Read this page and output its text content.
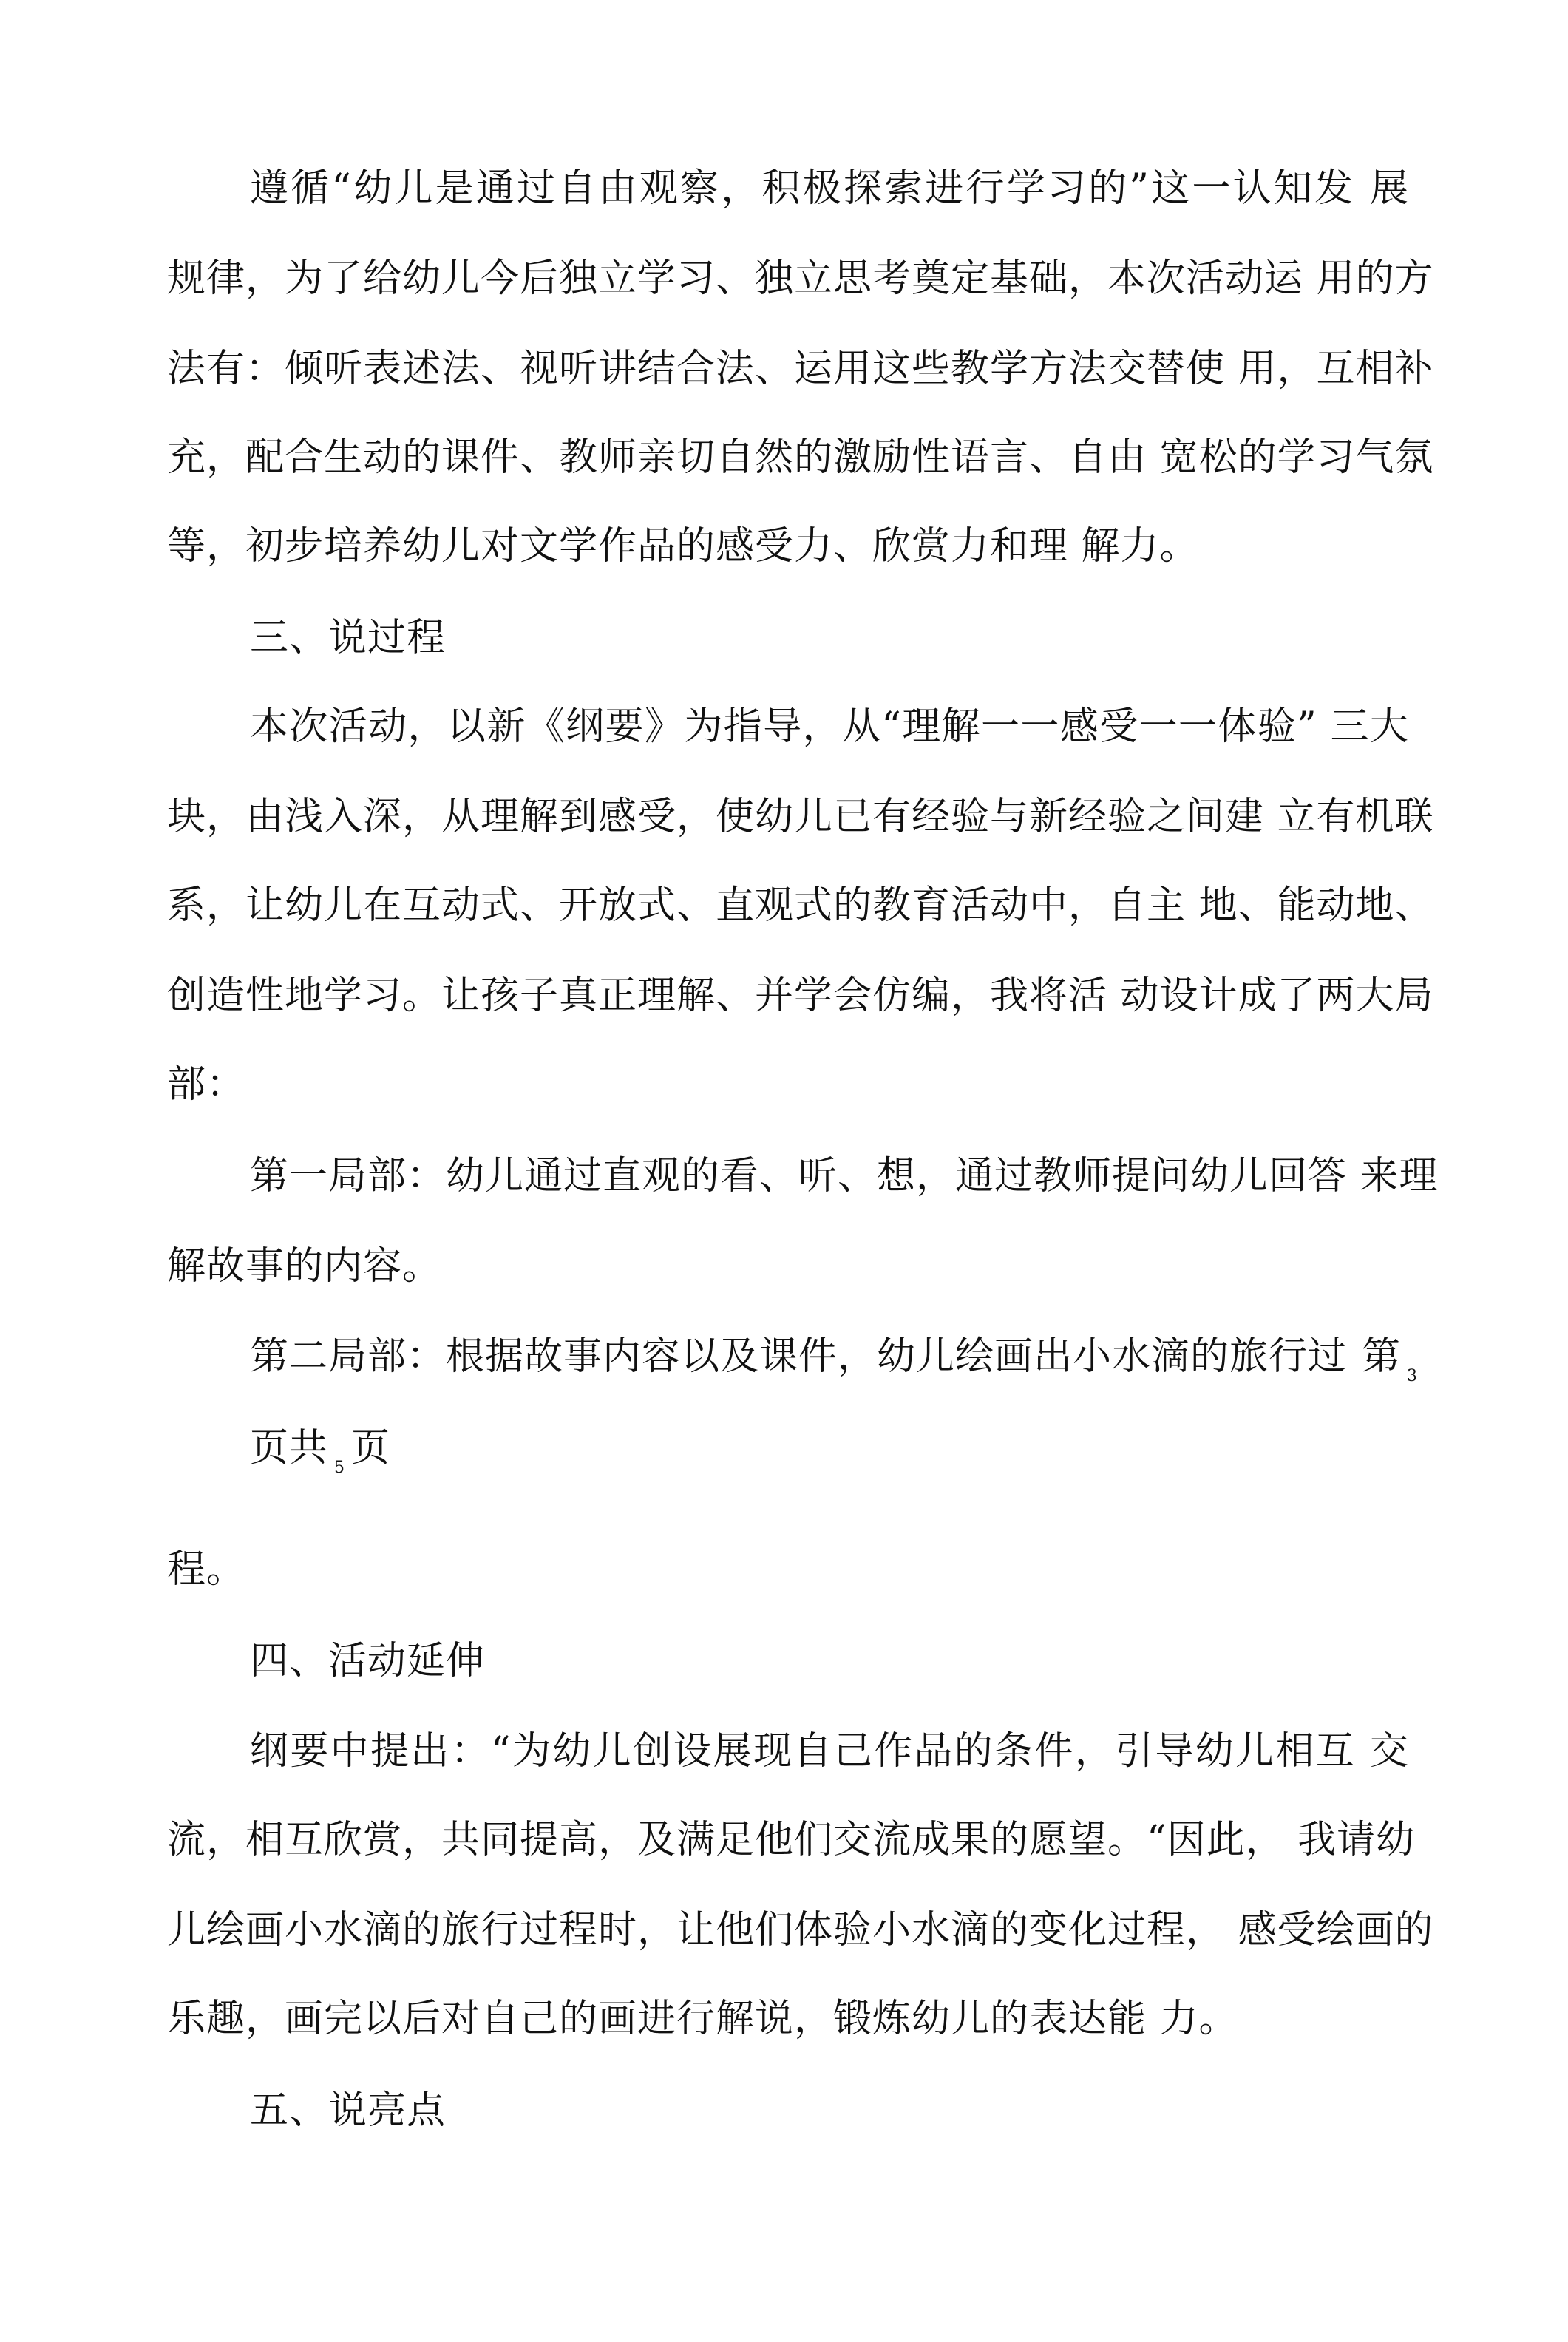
遵循“幼儿是通过自由观察，积极探索进行学习的”这一认知发 展
规律，为了给幼儿今后独立学习、独立思考奠定基础，本次活动运 用的方
法有：倾听表述法、视听讲结合法、运用这些教学方法交替使 用，互相补
充，配合生动的课件、教师亲切自然的激励性语言、自由 宽松的学习气氛
等，初步培养幼儿对文学作品的感受力、欣赏力和理 解力。
三、说过程
本次活动，以新《纲要》为指导，从“理解一一感受一一体验” 三大
块，由浅入深，从理解到感受，使幼儿已有经验与新经验之间建 立有机联
系，让幼儿在互动式、开放式、直观式的教育活动中，自主 地、能动地、
创造性地学习。让孩子真正理解、并学会仿编，我将活 动设计成了两大局
部：
第一局部：幼儿通过直观的看、听、想，通过教师提问幼儿回答 来理
解故事的内容。
第二局部：根据故事内容以及课件，幼儿绘画出小水滴的旅行过 第 $_3$
页共 $_5$ 页
程。
四、活动延伸
纲要中提出：“为幼儿创设展现自己作品的条件，引导幼儿相互 交
流，相互欣赏，共同提高，及满足他们交流成果的愿望。“因此， 我请幼
儿绘画小水滴的旅行过程时，让他们体验小水滴的变化过程， 感受绘画的
乐趣，画完以后对自己的画进行解说，锻炼幼儿的表达能 力。
五、说亮点
